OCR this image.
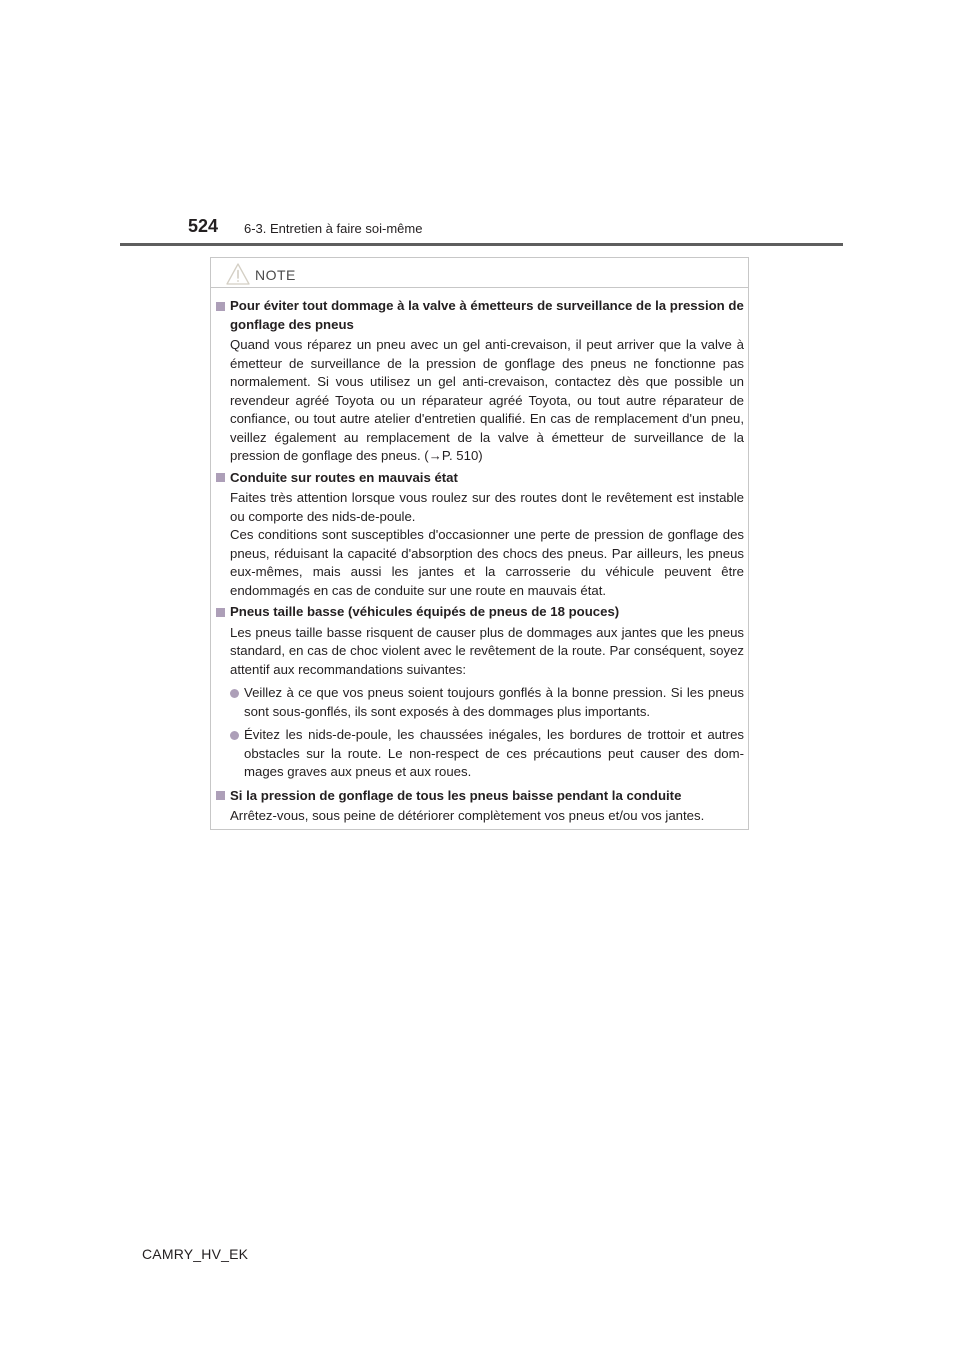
524 6-3. Entretien à faire soi-même
NOTE
Pour éviter tout dommage à la valve à émetteurs de surveillance de la pression de gonflage des pneus
Quand vous réparez un pneu avec un gel anti-crevaison, il peut arriver que la valve à émetteur de surveillance de la pression de gonflage des pneus ne fonctionne pas normalement. Si vous utilisez un gel anti-crevaison, contactez dès que possible un revendeur agréé Toyota ou un réparateur agréé Toyota, ou tout autre réparateur de confiance, ou tout autre atelier d'entretien qualifié. En cas de remplacement d'un pneu, veillez également au remplacement de la valve à émetteur de surveillance de la pression de gonflage des pneus. (→P. 510)
Conduite sur routes en mauvais état
Faites très attention lorsque vous roulez sur des routes dont le revêtement est instable ou comporte des nids-de-poule.
Ces conditions sont susceptibles d'occasionner une perte de pression de gonflage des pneus, réduisant la capacité d'absorption des chocs des pneus. Par ailleurs, les pneus eux-mêmes, mais aussi les jantes et la carrosserie du véhicule peuvent être endommagés en cas de conduite sur une route en mauvais état.
Pneus taille basse (véhicules équipés de pneus de 18 pouces)
Les pneus taille basse risquent de causer plus de dommages aux jantes que les pneus standard, en cas de choc violent avec le revêtement de la route. Par conséquent, soyez attentif aux recommandations suivantes:
Veillez à ce que vos pneus soient toujours gonflés à la bonne pression. Si les pneus sont sous-gonflés, ils sont exposés à des dommages plus importants.
Évitez les nids-de-poule, les chaussées inégales, les bordures de trottoir et autres obstacles sur la route. Le non-respect de ces précautions peut causer des dommages graves aux pneus et aux roues.
Si la pression de gonflage de tous les pneus baisse pendant la conduite
Arrêtez-vous, sous peine de détériorer complètement vos pneus et/ou vos jantes.
CAMRY_HV_EK
